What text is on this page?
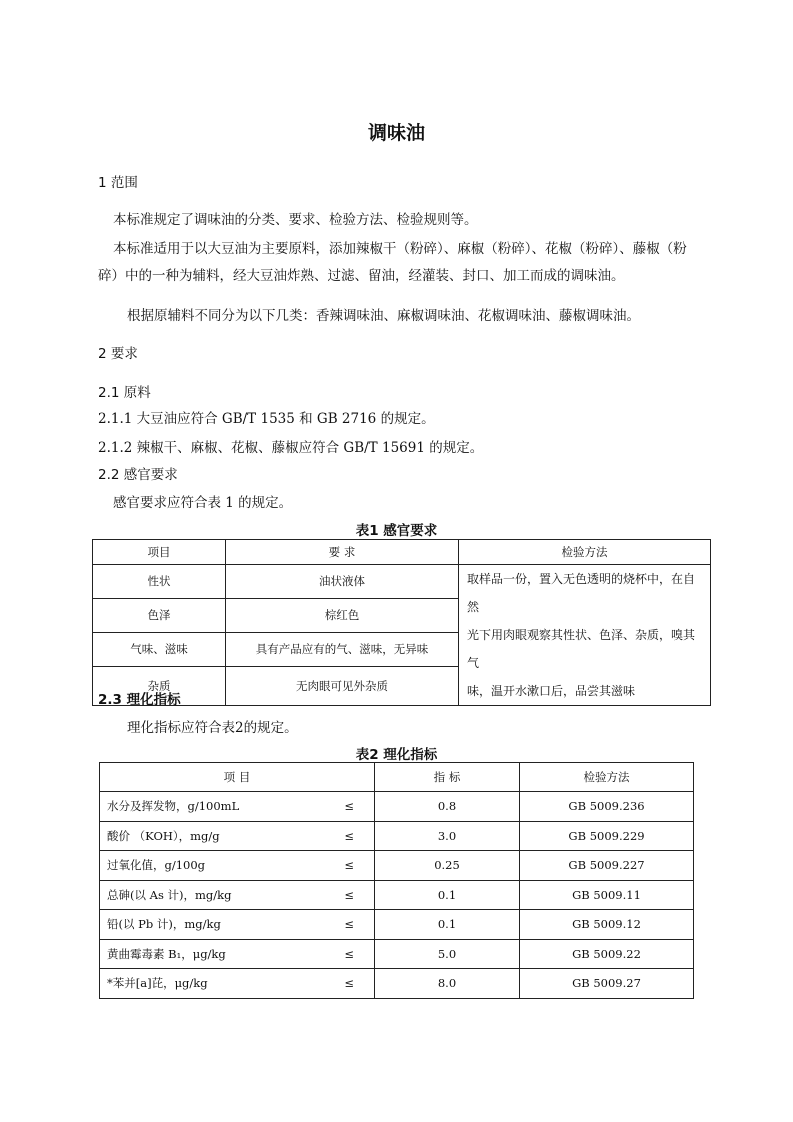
调味油
1 范围
本标准规定了调味油的分类、要求、检验方法、检验规则等。
本标准适用于以大豆油为主要原料，添加辣椒干（粉碎）、麻椒（粉碎）、花椒（粉碎）、藤椒（粉
碎）中的一种为辅料，经大豆油炸熟、过滤、留油，经灌装、封口、加工而成的调味油。
根据原辅料不同分为以下几类：香辣调味油、麻椒调味油、花椒调味油、藤椒调味油。
2 要求
2.1 原料
2.1.1 大豆油应符合 GB/T 1535 和 GB 2716 的规定。
2.1.2 辣椒干、麻椒、花椒、藤椒应符合 GB/T 15691 的规定。
2.2 感官要求
感官要求应符合表 1 的规定。
表1 感官要求
项目	要 求	检验方法
性状	油状液体	取样品一份，置入无色透明的烧杯中，在自然
光下用肉眼观察其性状、色泽、杂质，嗅其气
味，温开水漱口后，品尝其滋味

色泽	棕红色	
气味、滋味	具有产品应有的气、滋味，无异味	
杂质	无肉眼可见外杂质	
2.3 理化指标
理化指标应符合表2的规定。
表2 理化指标
项 目		指 标	检验方法
水分及挥发物，g/100mL	≤	0.8	GB 5009.236
酸价 （KOH），mg/g	≤	3.0	GB 5009.229
过氧化值，g/100g	≤	0.25	GB 5009.227
总砷(以 As 计)，mg/kg	≤	0.1	GB 5009.11
铅(以 Pb 计)，mg/kg	≤	0.1	GB 5009.12
黄曲霉毒素 B₁，μg/kg	≤	5.0	GB 5009.22
*苯并[a]芘，μg/kg	≤	8.0	GB 5009.27
